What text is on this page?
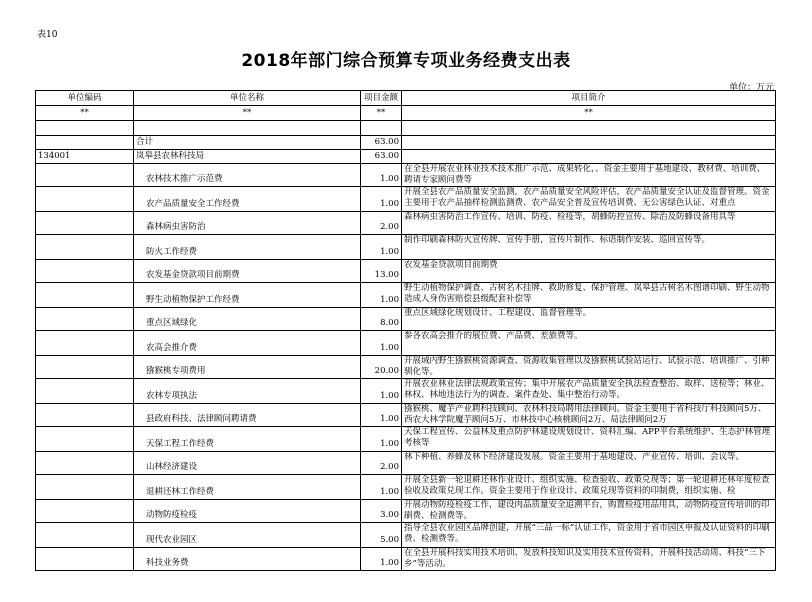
表10
2018年部门综合预算专项业务经费支出表
单位：万元
单位编码	单位名称	项目金额	项目简介
**	**	**	**

	合计	63.00	
134001	岚皋县农林科技局	63.00	
	农林技术推广示范费	1.00	在全县开展农业林业技术技术推广示范、成果转化，。资金主要用于基地建设、教材费、培训费、聘请专家顾问费等
	农产品质量安全工作经费	1.00	开展全县农产品质量安全监测，农产品质量安全风险评估，农产品质量安全认证及监督管理。资金主要用于农产品抽样检测监测费、农产品安全普及宣传培训费、无公害绿色认证、对重点
	森林病虫害防治	2.00	森林病虫害防治工作宣传、培训、防疫、检疫等，胡蜂防控宣传、除治及防蜂设备用具等
	防火工作经费	1.00	制作印刷森林防火宣传牌、宣传手册，宣传片制作、标语制作安装、巡回宣传等。
	农发基金贷款项目前期费	13.00	农发基金贷款项目前期费
	野生动植物保护工作经费	1.00	野生动植物保护调查、古树名木挂牌、救助修复、保护管理、岚皋县古树名木图谱印刷、野生动物造成人身伤害赔偿县级配套补偿等
	重点区域绿化	8.00	重点区域绿化规划设计、工程建设、监督管理等。
	农高会推介费	1.00	参各农高会推介的展位费、产品费、差旅费等。
	猕猴桃专项费用	20.00	开展域内野生猕猴桃资源调查、资源收集管理以及猕猴桃试验站运行、试验示范、培训推广、引种驯化等。
	农林专项执法	1.00	开展农业林业法律法规政策宣传；集中开展农产品质量安全执法检查整治、取样、送检等；林业、林权、林地违法行为的调查、案件查处、集中整治行动等。
	县政府科技、法律顾问聘请费	1.00	猕猴桃、魔芋产业聘科技顾问、农林科技局聘用法律顾问。资金主要用于省科技厅科技顾问5万、西农大林学院魔芋顾问5万、市林技中心核桃顾问2万、局法律顾问2万
	天保工程工作经费	1.00	天保工程宣传、公益林及重点防护林建设规划设计、资料汇编、APP平台系统维护、生态护林管理考核等
	山林经济建设	2.00	林下种植、养蜂及林下经济建设发展。资金主要用于基地建设、产业宣传、培训、会议等。
	退耕还林工作经费	1.00	开展全县新一轮退耕还林作业设计、组织实施、检查验收、政策兑现等；第一轮退耕还林年度检查验收及政策兑现工作。资金主要用于作业设计、政策兑现等资料的印制费，组织实施、检
	动物防疫检疫	3.00	开展动物防疫检疫工作，建设肉品质量安全追溯平台，购置检疫用品用具，动物防疫宣传培训的印刷费、检测费等。
	现代农业园区	5.00	指导全县农业园区品牌创建，开展“三品一标”认证工作，资金用于省市园区申报及认证资料的印刷费、检测费等。
	科技业务费	1.00	在全县开展科技实用技术培训、发放科技知识及实用技术宣传资料，开展科技活动周、科技“三下乡”等活动。
